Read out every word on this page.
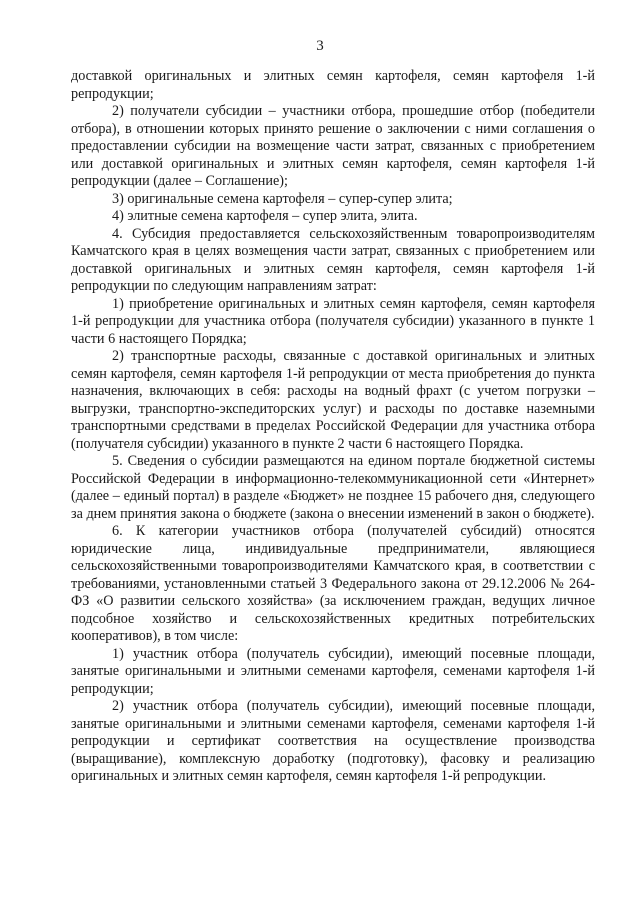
3

доставкой оригинальных и элитных семян картофеля, семян картофеля 1-й репродукции;

2) получатели субсидии – участники отбора, прошедшие отбор (победители отбора), в отношении которых принято решение о заключении с ними соглашения о предоставлении субсидии на возмещение части затрат, связанных с приобретением или доставкой оригинальных и элитных семян картофеля, семян картофеля 1-й репродукции (далее – Соглашение);

3) оригинальные семена картофеля – супер-супер элита;

4) элитные семена картофеля – супер элита, элита.

4. Субсидия предоставляется сельскохозяйственным товаропроизводителям Камчатского края в целях возмещения части затрат, связанных с приобретением или доставкой оригинальных и элитных семян картофеля, семян картофеля 1-й репродукции по следующим направлениям затрат:

1) приобретение оригинальных и элитных семян картофеля, семян картофеля 1-й репродукции для участника отбора (получателя субсидии) указанного в пункте 1 части 6 настоящего Порядка;

2) транспортные расходы, связанные с доставкой оригинальных и элитных семян картофеля, семян картофеля 1-й репродукции от места приобретения до пункта назначения, включающих в себя: расходы на водный фрахт (с учетом погрузки – выгрузки, транспортно-экспедиторских услуг) и расходы по доставке наземными транспортными средствами в пределах Российской Федерации для участника отбора (получателя субсидии) указанного в пункте 2 части 6 настоящего Порядка.

5. Сведения о субсидии размещаются на едином портале бюджетной системы Российской Федерации в информационно-телекоммуникационной сети «Интернет» (далее – единый портал) в разделе «Бюджет» не позднее 15 рабочего дня, следующего за днем принятия закона о бюджете (закона о внесении изменений в закон о бюджете).

6. К категории участников отбора (получателей субсидий) относятся юридические лица, индивидуальные предприниматели, являющиеся сельскохозяйственными товаропроизводителями Камчатского края, в соответствии с требованиями, установленными статьей 3 Федерального закона от 29.12.2006 № 264-ФЗ «О развитии сельского хозяйства» (за исключением граждан, ведущих личное подсобное хозяйство и сельскохозяйственных кредитных потребительских кооперативов), в том числе:

1) участник отбора (получатель субсидии), имеющий посевные площади, занятые оригинальными и элитными семенами картофеля, семенами картофеля 1-й репродукции;

2) участник отбора (получатель субсидии), имеющий посевные площади, занятые оригинальными и элитными семенами картофеля, семенами картофеля 1-й репродукции и сертификат соответствия на осуществление производства (выращивание), комплексную доработку (подготовку), фасовку и реализацию оригинальных и элитных семян картофеля, семян картофеля 1-й репродукции.
